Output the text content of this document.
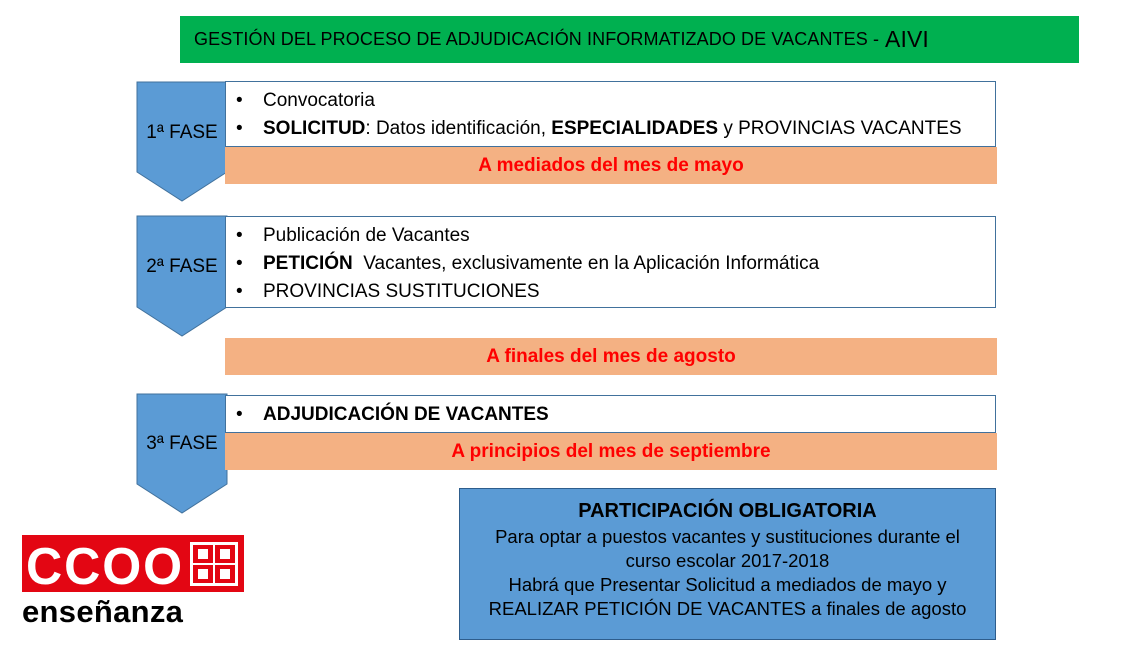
GESTIÓN DEL PROCESO DE ADJUDICACIÓN INFORMATIZADO DE VACANTES - AIVI
1ª FASE
• Convocatoria
• SOLICITUD: Datos identificación, ESPECIALIDADES y PROVINCIAS VACANTES
A mediados del mes de mayo
2ª FASE
• Publicación de Vacantes
• PETICIÓN  Vacantes, exclusivamente en la Aplicación Informática
• PROVINCIAS SUSTITUCIONES
A finales del mes de agosto
3ª FASE
• ADJUDICACIÓN DE VACANTES
A principios del mes de septiembre
PARTICIPACIÓN OBLIGATORIA
Para optar a puestos vacantes y sustituciones durante el
curso escolar 2017-2018
Habrá que Presentar Solicitud a mediados de mayo y
REALIZAR PETICIÓN DE VACANTES a finales de agosto
CCOO
enseñanza
